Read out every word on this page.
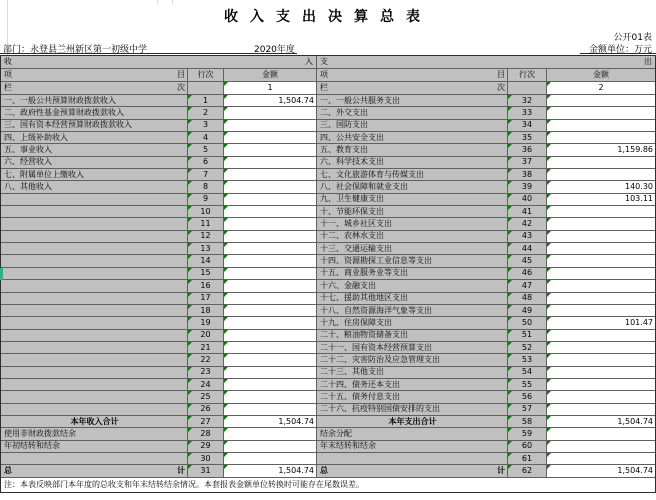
收入支出决算总表
公开01表
部门：永登县兰州新区第一初级中学	2020年度	金额单位：万元
收	入
项	目	行次	金额
栏	次	1
一、一般公共预算财政拨款收入	1	1,504.74
二、政府性基金预算财政拨款收入	2
三、国有资本经营预算财政拨款收入	3
四、上级补助收入	4
五、事业收入	5
六、经营收入	6
七、附属单位上缴收入	7
八、其他收入	8
9
10
11
12
13
14
15
16
17
18
19
20
21
22
23
24
25
26
本年收入合计	27	1,504.74
使用非财政拨款结余	28
年初结转和结余	29
30
总	计	31	1,504.74
支	出
项	目	行次	金额
栏	次	2
一、一般公共服务支出	32
二、外交支出	33
三、国防支出	34
四、公共安全支出	35
五、教育支出	36	1,159.86
六、科学技术支出	37
七、文化旅游体育与传媒支出	38
八、社会保障和就业支出	39	140.30
九、卫生健康支出	40	103.11
十、节能环保支出	41
十一、城乡社区支出	42
十二、农林水支出	43
十三、交通运输支出	44
十四、资源勘探工业信息等支出	45
十五、商业服务业等支出	46
十六、金融支出	47
十七、援助其他地区支出	48
十八、自然资源海洋气象等支出	49
十九、住房保障支出	50	101.47
二十、粮油物资储备支出	51
二十一、国有资本经营预算支出	52
二十二、灾害防治及应急管理支出	53
二十三、其他支出	54
二十四、债务还本支出	55
二十五、债务付息支出	56
二十六、抗疫特别国债安排的支出	57
本年支出合计	58	1,504.74
结余分配	59
年末结转和结余	60
61
总	计	62	1,504.74
注：本表反映部门本年度的总收支和年末结转结余情况。本套报表金额单位转换时可能存在尾数误差。
